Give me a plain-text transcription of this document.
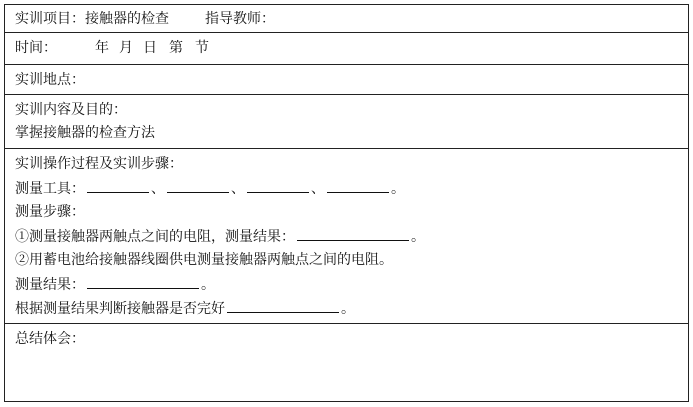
实训项目：接触器的检查	指导教师：
时间：	年 月 日 第 节
实训地点：
实训内容及目的：
掌握接触器的检查方法
实训操作过程及实训步骤：
测量工具：	、	、	、	。
测量步骤：
①测量接触器两触点之间的电阻，测量结果：	。
②用蓄电池给接触器线圈供电测量接触器两触点之间的电阻。
测量结果：	。
根据测量结果判断接触器是否完好	。
总结体会：
